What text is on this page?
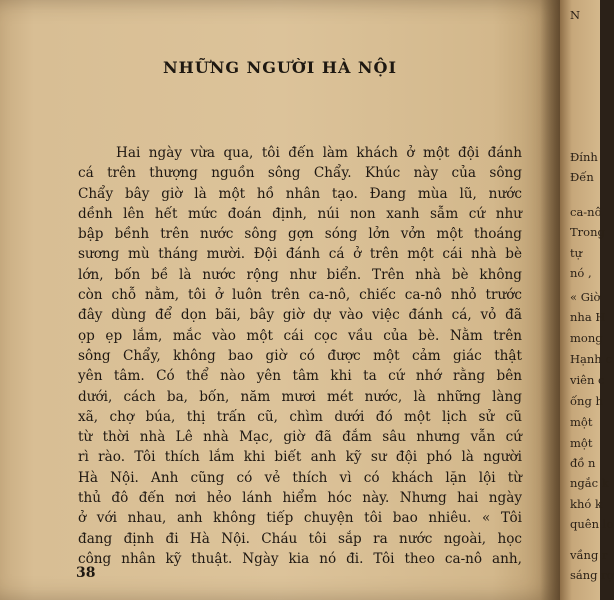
NHỮNG NGƯỜI HÀ NỘI
Hai ngày vừa qua, tôi đến làm khách ở một đội đánh
cá trên thượng nguồn sông Chẩy. Khúc này của sông
Chẩy bây giờ là một hồ nhân tạo. Đang mùa lũ, nước
dềnh lên hết mức đoán định, núi non xanh sẫm cứ như
bập bềnh trên nước sông gợn sóng lởn vởn một thoáng
sương mù tháng mười. Đội đánh cá ở trên một cái nhà bè
lớn, bốn bề là nước rộng như biển. Trên nhà bè không
còn chỗ nằm, tôi ở luôn trên ca-nô, chiếc ca-nô nhỏ trước
đây dùng để dọn bãi, bây giờ dự vào việc đánh cá, vỏ đã
ọp ẹp lắm, mắc vào một cái cọc vầu của bè. Nằm trên
sông Chẩy, không bao giờ có được một cảm giác thật
yên tâm. Có thể nào yên tâm khi ta cứ nhớ rằng bên
dưới, cách ba, bốn, năm mươi mét nước, là những làng
xã, chợ búa, thị trấn cũ, chìm dưới đó một lịch sử cũ
từ thời nhà Lê nhà Mạc, giờ đã đắm sâu nhưng vẫn cứ
rì rào. Tôi thích lắm khi biết anh kỹ sư đội phó là người
Hà Nội. Anh cũng có vẻ thích vì có khách lặn lội từ
thủ đô đến nơi hẻo lánh hiểm hóc này. Nhưng hai ngày
ở với nhau, anh không tiếp chuyện tôi bao nhiêu. « Tôi
đang định đi Hà Nội. Cháu tôi sắp ra nước ngoài, học
công nhân kỹ thuật. Ngày kia nó đi. Tôi theo ca-nô anh,
38
N
Đính
Đến
ca-nô
Trong
tự
nó ,
« Giờ
nha H
mong
Hạnh c
viên c
ống h
một
một
đồ n
ngắc k
khó k
quên lo
vầng r
sáng rợ
